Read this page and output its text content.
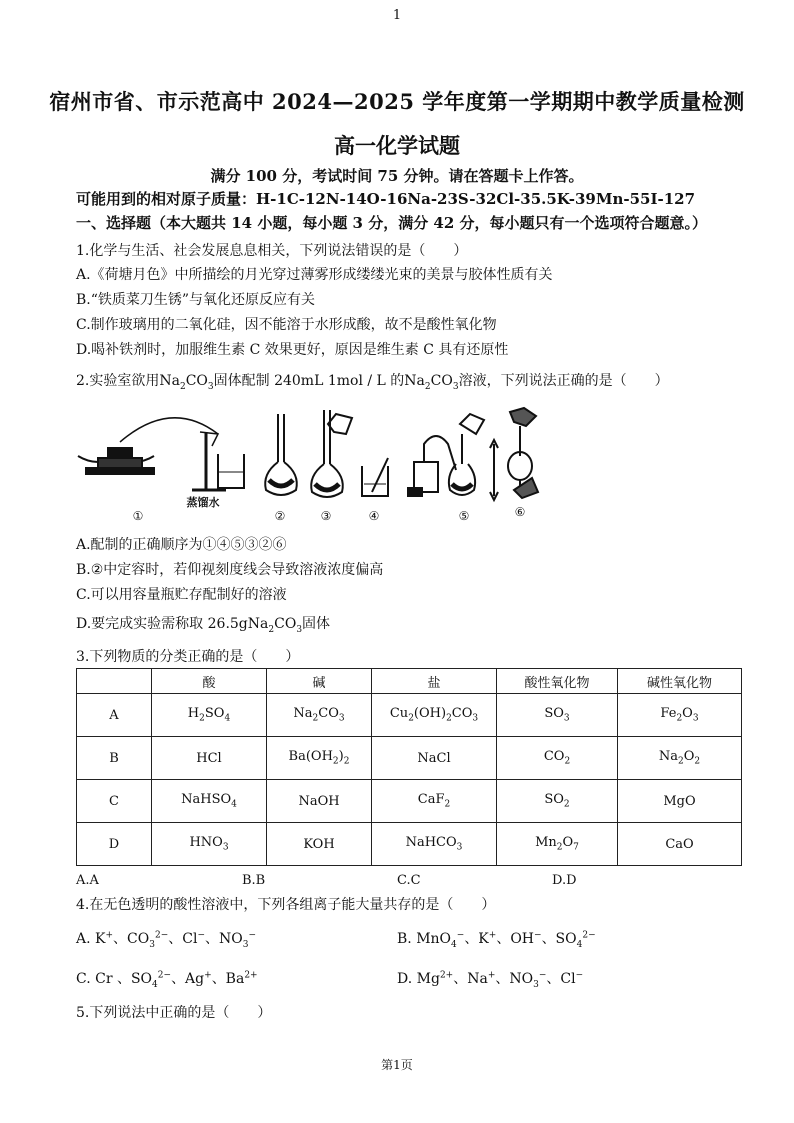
1
宿州市省、市示范高中 2024—2025 学年度第一学期期中教学质量检测
高一化学试题
满分 100 分，考试时间 75 分钟。请在答题卡上作答。
可能用到的相对原子质量：H-1C-12N-14O-16Na-23S-32Cl-35.5K-39Mn-55I-127
一、选择题（本大题共 14 小题，每小题 3 分，满分 42 分，每小题只有一个选项符合题意。）
1.化学与生活、社会发展息息相关，下列说法错误的是（　　）
A.《荷塘月色》中所描绘的月光穿过薄雾形成缕缕光束的美景与胶体性质有关
B.“铁质菜刀生锈”与氧化还原反应有关
C.制作玻璃用的二氧化硅，因不能溶于水形成酸，故不是酸性氧化物
D.喝补铁剂时，加服维生素 C 效果更好，原因是维生素 C 具有还原性
2.实验室欲用$Na_2CO_3$固体配制 240mL 1mol / L 的$Na_2CO_3$溶液，下列说法正确的是（　　）
①
蒸馏水
②	③	④	⑤	⑥
A.配制的正确顺序为①④⑤③②⑥
B.②中定容时，若仰视刻度线会导致溶液浓度偏高
C.可以用容量瓶贮存配制好的溶液
D.要完成实验需称取 $26.5gNa_2CO_3$固体
3.下列物质的分类正确的是（　　）
	酸	碱	盐	酸性氧化物	碱性氧化物
A	$H_2SO_4$	$Na_2CO_3$	$Cu_2(OH)_2CO_3$	$SO_3$	$Fe_2O_3$
B	HCl	$Ba(OH_2)_2$	NaCl	$CO_2$	$Na_2O_2$
C	NaHSO$_4$	NaOH	CaF$_2$	$SO_2$	MgO
D	$HNO_3$	KOH	NaHCO$_3$	$Mn_2O_7$	CaO
A.A	B.B	C.C	D.D
4.在无色透明的酸性溶液中，下列各组离子能大量共存的是（　　）
A. K+、$CO_3^{2-}$、Cl−、$NO_3^-$	B. MnO$_4$−、K+、OH−、$SO_4^{2-}$
C. Cr 、$SO_4^{2-}$、Ag+、$Ba^{2+}$	D. $Mg^{2+}$、Na+、$NO_3^-$、Cl−
5.下列说法中正确的是（　　）
第1页
